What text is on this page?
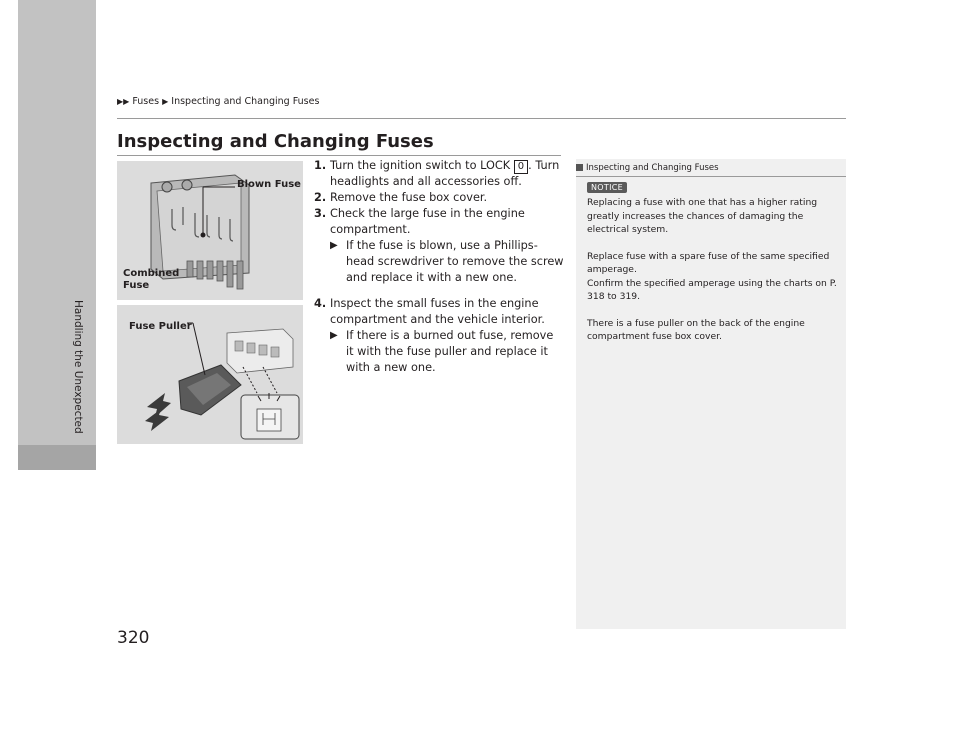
Handling the Unexpected
▶▶ Fuses ▶ Inspecting and Changing Fuses
Inspecting and Changing Fuses
Blown Fuse
Combined Fuse
Fuse Puller
1. Turn the ignition switch to LOCK 0 . Turn headlights and all accessories off.
2. Remove the fuse box cover.
3. Check the large fuse in the engine compartment.
▶ If the fuse is blown, use a Phillips-head screwdriver to remove the screw and replace it with a new one.
4. Inspect the small fuses in the engine compartment and the vehicle interior.
▶ If there is a burned out fuse, remove it with the fuse puller and replace it with a new one.
Inspecting and Changing Fuses
NOTICE

Replacing a fuse with one that has a higher rating greatly increases the chances of damaging the electrical system.

Replace fuse with a spare fuse of the same specified amperage.

Confirm the specified amperage using the charts on P. 318 to 319.

There is a fuse puller on the back of the engine compartment fuse box cover.

320
